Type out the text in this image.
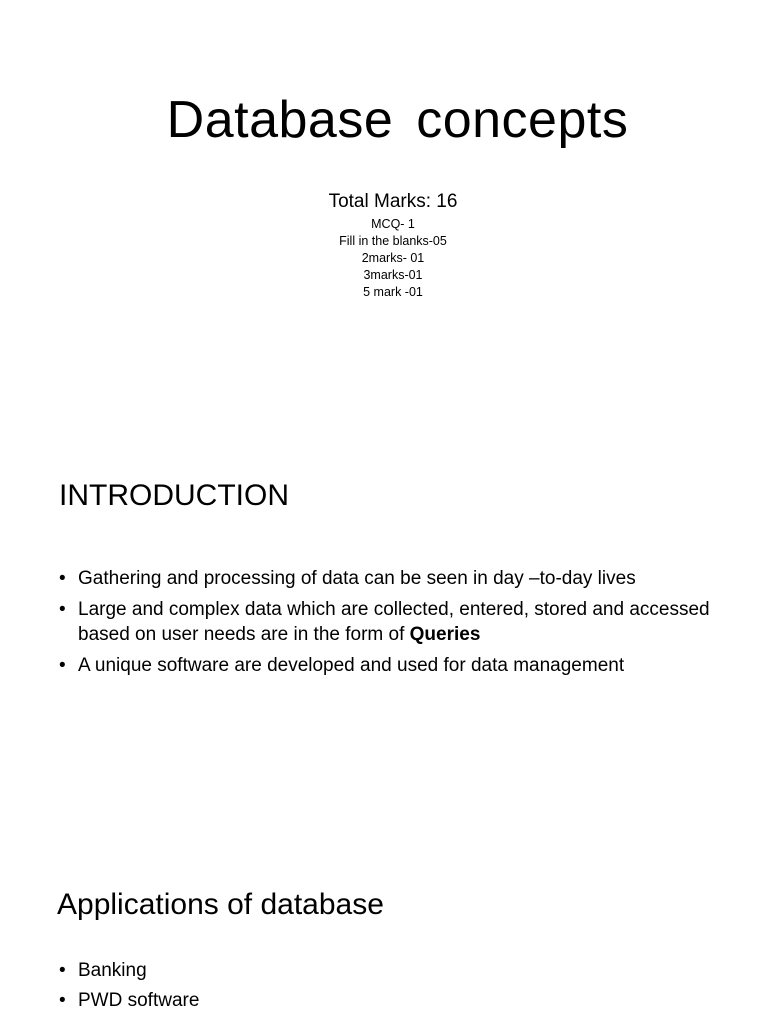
Database concepts
Total Marks: 16
MCQ- 1
Fill in the blanks-05
2marks- 01
3marks-01
5 mark -01
INTRODUCTION
• Gathering and processing of data can be seen in day –to-day lives
• Large and complex data which are collected, entered, stored and accessed based on user needs are in the form of Queries
• A unique software are developed and used for data management
Applications of database
• Banking
• PWD software
